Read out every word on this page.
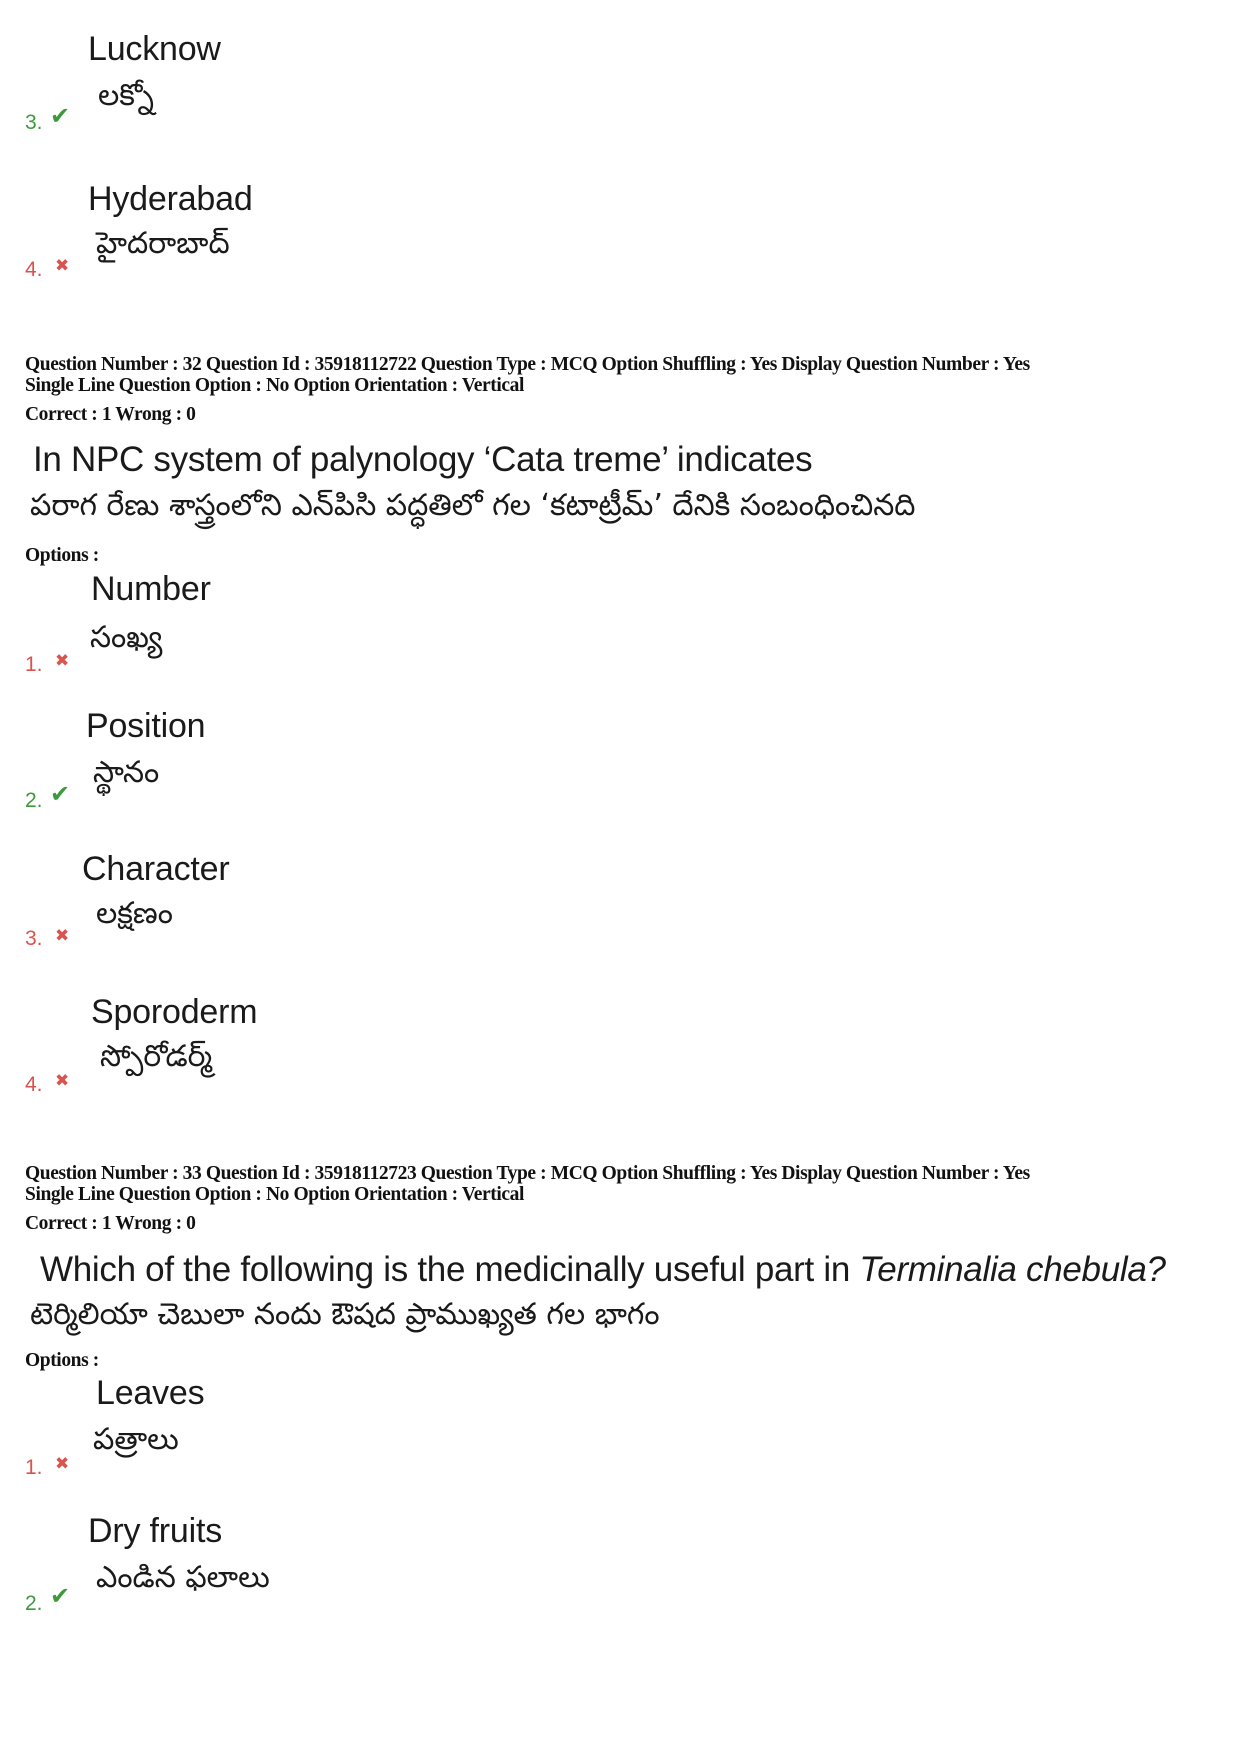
Lucknow
లక్నో
3. ✔
Hyderabad
హైదరాబాద్
4. ✖
Question Number : 32 Question Id : 35918112722 Question Type : MCQ Option Shuffling : Yes Display Question Number : Yes
Single Line Question Option : No Option Orientation : Vertical
Correct : 1 Wrong : 0
In NPC system of palynology ‘Cata treme’ indicates
పరాగ రేణు శాస్త్రంలోని ఎన్‌పిసి పద్ధతిలో గల ‘కటాట్రీమ్’ దేనికి సంబంధించినది
Options :
Number
సంఖ్య
1. ✖
Position
స్థానం
2. ✔
Character
లక్షణం
3. ✖
Sporoderm
స్పోరోడర్మ్
4. ✖
Question Number : 33 Question Id : 35918112723 Question Type : MCQ Option Shuffling : Yes Display Question Number : Yes
Single Line Question Option : No Option Orientation : Vertical
Correct : 1 Wrong : 0
Which of the following is the medicinally useful part in Terminalia chebula?
టెర్మిలియా చెబులా నందు ఔషద ప్రాముఖ్యత గల భాగం
Options :
Leaves
పత్రాలు
1. ✖
Dry fruits
ఎండిన ఫలాలు
2. ✔
